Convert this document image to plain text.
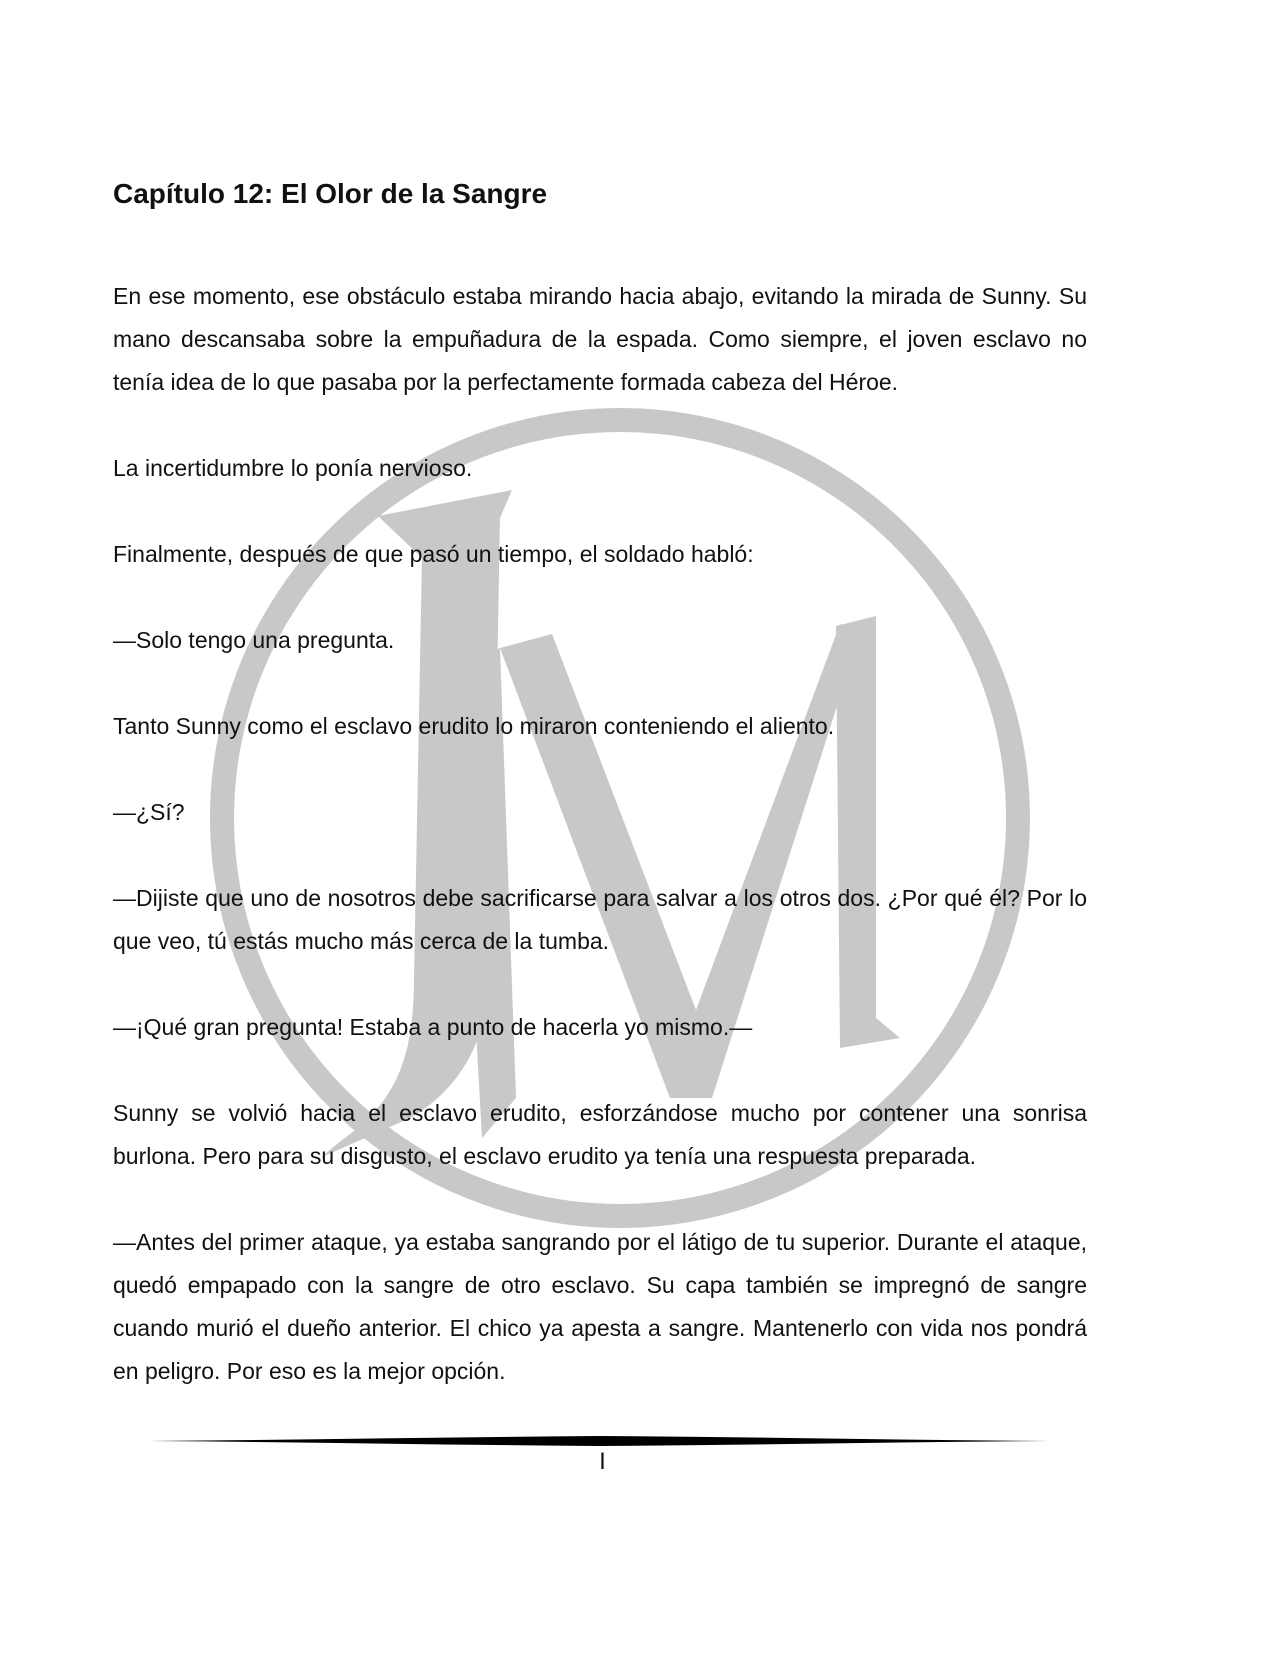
Capítulo 12: El Olor de la Sangre

En ese momento, ese obstáculo estaba mirando hacia abajo, evitando la mirada de Sunny. Su mano descansaba sobre la empuñadura de la espada. Como siempre, el joven esclavo no tenía idea de lo que pasaba por la perfectamente formada cabeza del Héroe.

La incertidumbre lo ponía nervioso.

Finalmente, después de que pasó un tiempo, el soldado habló:

—Solo tengo una pregunta.

Tanto Sunny como el esclavo erudito lo miraron conteniendo el aliento.

—¿Sí?

—Dijiste que uno de nosotros debe sacrificarse para salvar a los otros dos. ¿Por qué él? Por lo que veo, tú estás mucho más cerca de la tumba.

—¡Qué gran pregunta! Estaba a punto de hacerla yo mismo.—

Sunny se volvió hacia el esclavo erudito, esforzándose mucho por contener una sonrisa burlona. Pero para su disgusto, el esclavo erudito ya tenía una respuesta preparada.

—Antes del primer ataque, ya estaba sangrando por el látigo de tu superior. Durante el ataque, quedó empapado con la sangre de otro esclavo. Su capa también se impregnó de sangre cuando murió el dueño anterior. El chico ya apesta a sangre. Mantenerlo con vida nos pondrá en peligro. Por eso es la mejor opción.

I
